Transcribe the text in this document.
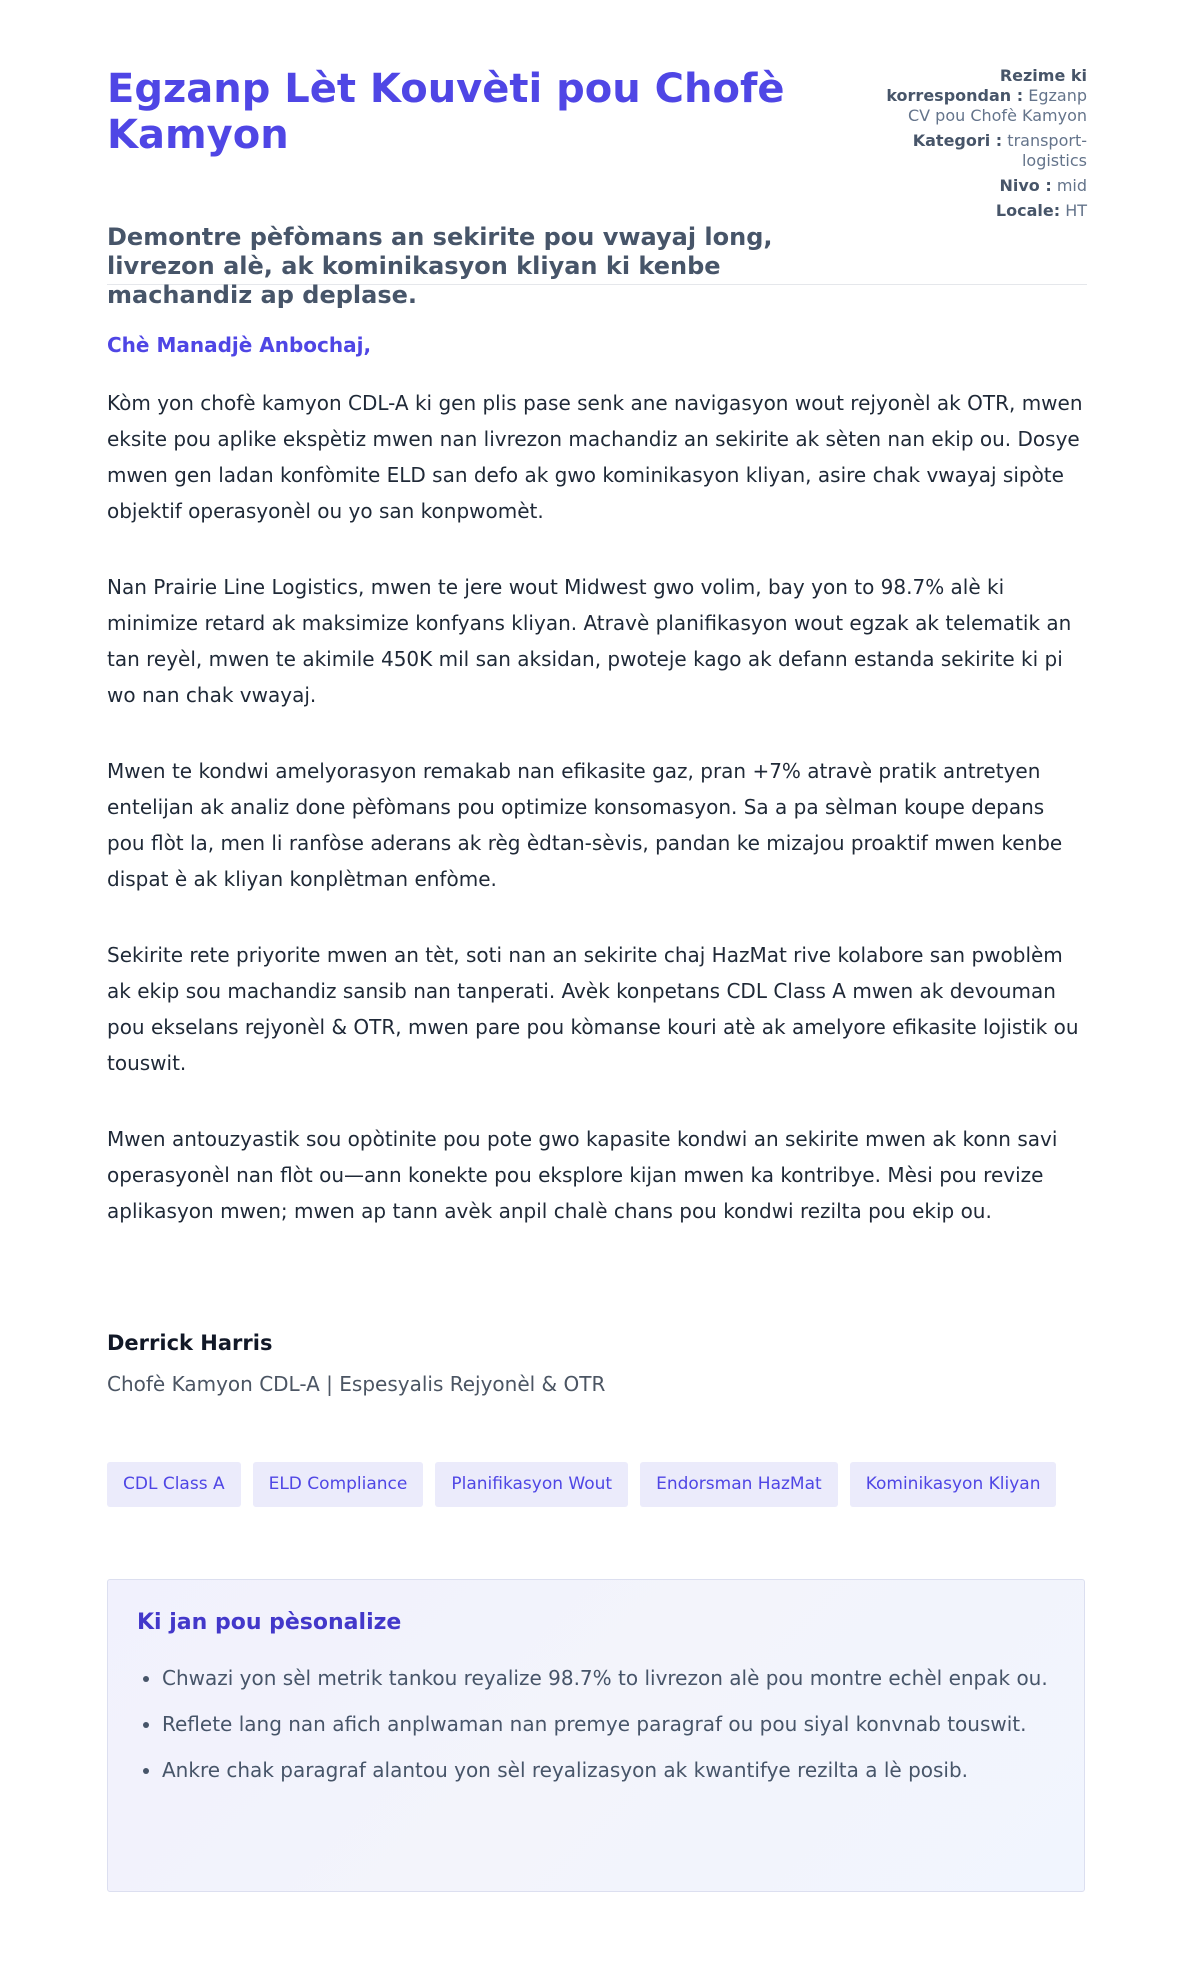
Egzanp Lèt Kouvèti pou Chofè Kamyon
Demontre pèfòmans an sekirite pou vwayaj long, livrezon alè, ak kominikasyon kliyan ki kenbe machandiz ap deplase.
Rezime ki korrespondan : Egzanp CV pou Chofè Kamyon
Kategori : transport-logistics
Nivo : mid
Locale: HT

Chè Manadjè Anbochaj,

Kòm yon chofè kamyon CDL-A ki gen plis pase senk ane navigasyon wout rejyonèl ak OTR, mwen eksite pou aplike ekspètiz mwen nan livrezon machandiz an sekirite ak sèten nan ekip ou. Dosye mwen gen ladan konfòmite ELD san defo ak gwo kominikasyon kliyan, asire chak vwayaj sipòte objektif operasyonèl ou yo san konpwomèt.

Nan Prairie Line Logistics, mwen te jere wout Midwest gwo volim, bay yon to 98.7% alè ki minimize retard ak maksimize konfyans kliyan. Atravè planifikasyon wout egzak ak telematik an tan reyèl, mwen te akimile 450K mil san aksidan, pwoteje kago ak defann estanda sekirite ki pi wo nan chak vwayaj.

Mwen te kondwi amelyorasyon remakab nan efikasite gaz, pran +7% atravè pratik antretyen entelijan ak analiz done pèfòmans pou optimize konsomasyon. Sa a pa sèlman koupe depans pou flòt la, men li ranfòse aderans ak règ èdtan-sèvis, pandan ke mizajou proaktif mwen kenbe dispat è ak kliyan konplètman enfòme.

Sekirite rete priyorite mwen an tèt, soti nan an sekirite chaj HazMat rive kolabore san pwoblèm ak ekip sou machandiz sansib nan tanperati. Avèk konpetans CDL Class A mwen ak devouman pou ekselans rejyonèl & OTR, mwen pare pou kòmanse kouri atè ak amelyore efikasite lojistik ou touswit.

Mwen antouzyastik sou opòtinite pou pote gwo kapasite kondwi an sekirite mwen ak konn savi operasyonèl nan flòt ou—ann konekte pou eksplore kijan mwen ka kontribye. Mèsi pou revize aplikasyon mwen; mwen ap tann avèk anpil chalè chans pou kondwi rezilta pou ekip ou.

Derrick Harris

Chofè Kamyon CDL-A | Espesyalis Rejyonèl & OTR

CDL Class A	ELD Compliance	Planifikasyon Wout	Endorsman HazMat	Kominikasyon Kliyan
Ki jan pou pèsonalize
• Chwazi yon sèl metrik tankou reyalize 98.7% to livrezon alè pou montre echèl enpak ou.
• Reflete lang nan afich anplwaman nan premye paragraf ou pou siyal konvnab touswit.
• Ankre chak paragraf alantou yon sèl reyalizasyon ak kwantifye rezilta a lè posib.
